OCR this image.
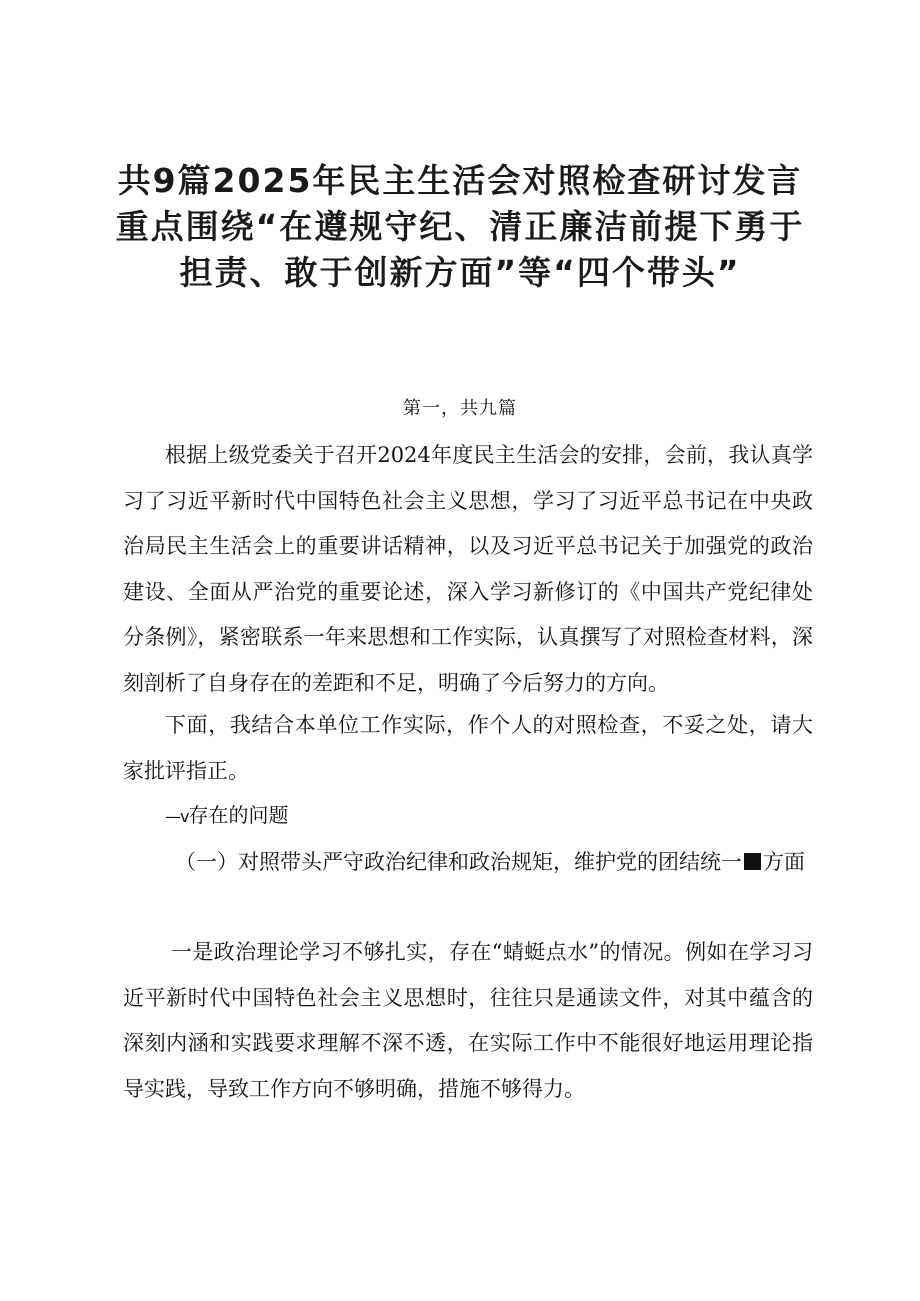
共9篇2025年民主生活会对照检查研讨发言
重点围绕“在遵规守纪、清正廉洁前提下勇于
担责、敢于创新方面”等“四个带头”
第一，共九篇

根据上级党委关于召开2024年度民主生活会的安排，会前，我认真学习了习近平新时代中国特色社会主义思想，学习了习近平总书记在中央政治局民主生活会上的重要讲话精神，以及习近平总书记关于加强党的政治建设、全面从严治党的重要论述，深入学习新修订的《中国共产党纪律处分条例》，紧密联系一年来思想和工作实际，认真撰写了对照检查材料，深刻剖析了自身存在的差距和不足，明确了今后努力的方向。

下面，我结合本单位工作实际，作个人的对照检查，不妥之处，请大家批评指正。

—v存在的问题

（一）对照带头严守政治纪律和政治规矩，维护党的团结统一 方面

一是政治理论学习不够扎实，存在“蜻蜓点水”的情况。例如在学习习近平新时代中国特色社会主义思想时，往往只是通读文件，对其中蕴含的深刻内涵和实践要求理解不深不透，在实际工作中不能很好地运用理论指导实践，导致工作方向不够明确，措施不够得力。
